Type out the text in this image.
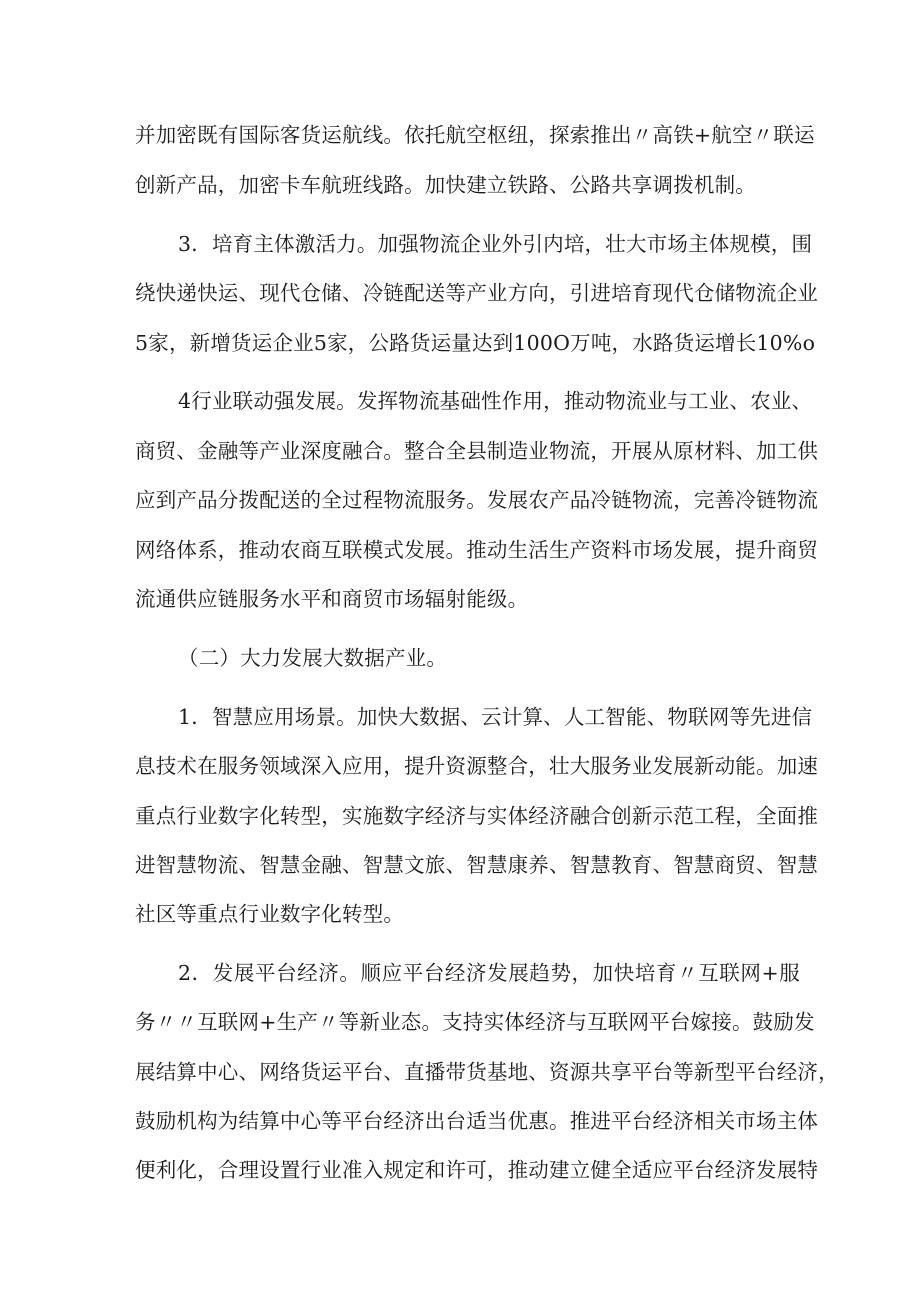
并加密既有国际客货运航线。依托航空枢纽，探索推出〃高铁+航空〃联运
创新产品，加密卡车航班线路。加快建立铁路、公路共享调拨机制。
3．培育主体激活力。加强物流企业外引内培，壮大市场主体规模，围
绕快递快运、现代仓储、冷链配送等产业方向，引进培育现代仓储物流企业
5家，新增货运企业5家，公路货运量达到100O万吨，水路货运增长10%o
4行业联动强发展。发挥物流基础性作用，推动物流业与工业、农业、
商贸、金融等产业深度融合。整合全县制造业物流，开展从原材料、加工供
应到产品分拨配送的全过程物流服务。发展农产品冷链物流，完善冷链物流
网络体系，推动农商互联模式发展。推动生活生产资料市场发展，提升商贸
流通供应链服务水平和商贸市场辐射能级。
（二）大力发展大数据产业。
1．智慧应用场景。加快大数据、云计算、人工智能、物联网等先进信
息技术在服务领域深入应用，提升资源整合，壮大服务业发展新动能。加速
重点行业数字化转型，实施数字经济与实体经济融合创新示范工程，全面推
进智慧物流、智慧金融、智慧文旅、智慧康养、智慧教育、智慧商贸、智慧
社区等重点行业数字化转型。
2．发展平台经济。顺应平台经济发展趋势，加快培育〃互联网+服
务〃〃互联网+生产〃等新业态。支持实体经济与互联网平台嫁接。鼓励发
展结算中心、网络货运平台、直播带货基地、资源共享平台等新型平台经济，
鼓励机构为结算中心等平台经济出台适当优惠。推进平台经济相关市场主体
便利化，合理设置行业准入规定和许可，推动建立健全适应平台经济发展特
